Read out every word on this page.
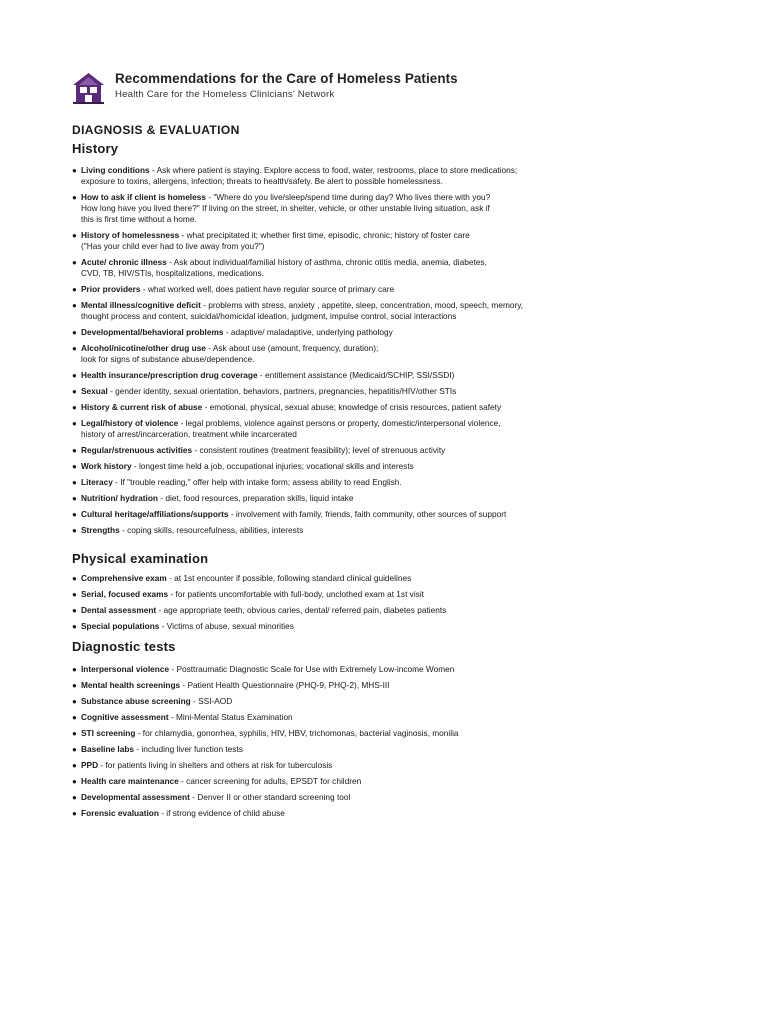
Recommendations for the Care of Homeless Patients
Health Care for the Homeless Clinicians' Network
DIAGNOSIS & EVALUATION
History
● Living conditions - Ask where patient is staying. Explore access to food, water, restrooms, place to store medications;
exposure to toxins, allergens, infection; threats to health/safety. Be alert to possible homelessness.
● How to ask if client is homeless - "Where do you live/sleep/spend time during day? Who lives there with you?
How long have you lived there?" If living on the street, in shelter, vehicle, or other unstable living situation, ask if
this is first time without a home.
● History of homelessness - what precipitated it; whether first time, episodic, chronic; history of foster care
("Has your child ever had to live away from you?")
● Acute/ chronic illness - Ask about individual/familial history of asthma, chronic otitis media, anemia, diabetes,
CVD, TB, HIV/STIs, hospitalizations, medications.
● Prior providers - what worked well, does patient have regular source of primary care
● Mental illness/cognitive deficit - problems with stress, anxiety , appetite, sleep, concentration, mood, speech, memory,
thought process and content, suicidal/homicidal ideation, judgment, impulse control, social interactions
● Developmental/behavioral problems - adaptive/ maladaptive, underlying pathology
● Alcohol/nicotine/other drug use - Ask about use (amount, frequency, duration);
look for signs of substance abuse/dependence.
● Health insurance/prescription drug coverage - entitlement assistance (Medicaid/SCHIP, SSI/SSDI)
● Sexual - gender identity, sexual orientation, behaviors, partners, pregnancies, hepatitis/HIV/other STIs
● History & current risk of abuse - emotional, physical, sexual abuse; knowledge of crisis resources, patient safety
● Legal/history of violence - legal problems, violence against persons or property, domestic/interpersonal violence,
history of arrest/incarceration, treatment while incarcerated
● Regular/strenuous activities - consistent routines (treatment feasibility); level of strenuous activity
● Work history - longest time held a job, occupational injuries; vocational skills and interests
● Literacy - If "trouble reading," offer help with intake form; assess ability to read English.
● Nutrition/ hydration - diet, food resources, preparation skills, liquid intake
● Cultural heritage/affiliations/supports - involvement with family, friends, faith community, other sources of support
● Strengths - coping skills, resourcefulness, abilities, interests
Physical examination
● Comprehensive exam - at 1st encounter if possible, following standard clinical guidelines
● Serial, focused exams - for patients uncomfortable with full-body, unclothed exam at 1st visit
● Dental assessment - age appropriate teeth, obvious caries, dental/ referred pain, diabetes patients
● Special populations - Victims of abuse, sexual minorities
Diagnostic tests
● Interpersonal violence - Posttraumatic Diagnostic Scale for Use with Extremely Low-income Women
● Mental health screenings - Patient Health Questionnaire (PHQ-9, PHQ-2), MHS-III
● Substance abuse screening - SSI-AOD
● Cognitive assessment - Mini-Mental Status Examination
● STI screening - for chlamydia, gonorrhea, syphilis, HIV, HBV, trichomonas, bacterial vaginosis, monilia
● Baseline labs - including liver function tests
● PPD - for patients living in shelters and others at risk for tuberculosis
● Health care maintenance - cancer screening for adults, EPSDT for children
● Developmental assessment - Denver II or other standard screening tool
● Forensic evaluation - if strong evidence of child abuse
